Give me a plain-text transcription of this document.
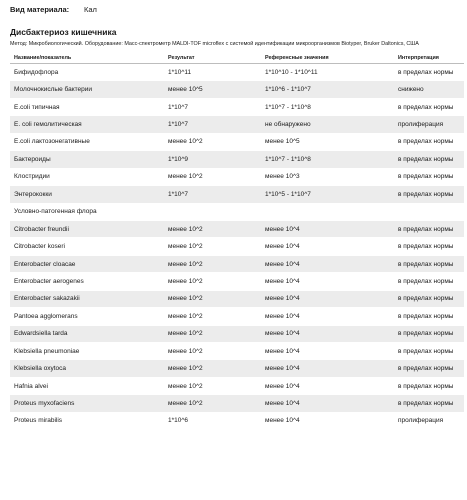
Вид материала:	Кал
Дисбактериоз кишечника
Метод: Микробиологический. Оборудование: Масс-спектрометр MALDI-TOF microflex с системой идентификации микроорганизмов Biotyper, Bruker Daltonics, США
Название/показатель	Результат	Референсные значения	Интерпретация
Бифидофлора	1*10^11	1*10^10 - 1*10^11	в пределах нормы
Молочнокислые бактерии	менее 10^5	1*10^6 - 1*10^7	снижено
E.coli типичная	1*10^7	1*10^7 - 1*10^8	в пределах нормы
E. coli гемолитическая	1*10^7	не обнаружено	пролиферация
E.coli лактозонегативные	менее 10^2	менее 10^5	в пределах нормы
Бактероиды	1*10^9	1*10^7 - 1*10^8	в пределах нормы
Клостридии	менее 10^2	менее 10^3	в пределах нормы
Энтерококки	1*10^7	1*10^5 - 1*10^7	в пределах нормы
Условно-патогенная флора			
Citrobacter freundii	менее 10^2	менее 10^4	в пределах нормы
Citrobacter koseri	менее 10^2	менее 10^4	в пределах нормы
Enterobacter cloacae	менее 10^2	менее 10^4	в пределах нормы
Enterobacter aerogenes	менее 10^2	менее 10^4	в пределах нормы
Enterobacter sakazakii	менее 10^2	менее 10^4	в пределах нормы
Pantoea agglomerans	менее 10^2	менее 10^4	в пределах нормы
Edwardsiella tarda	менее 10^2	менее 10^4	в пределах нормы
Klebsiella pneumoniae	менее 10^2	менее 10^4	в пределах нормы
Klebsiella oxytoca	менее 10^2	менее 10^4	в пределах нормы
Hafnia alvei	менее 10^2	менее 10^4	в пределах нормы
Proteus myxofaciens	менее 10^2	менее 10^4	в пределах нормы
Proteus mirabilis	1*10^6	менее 10^4	пролиферация
